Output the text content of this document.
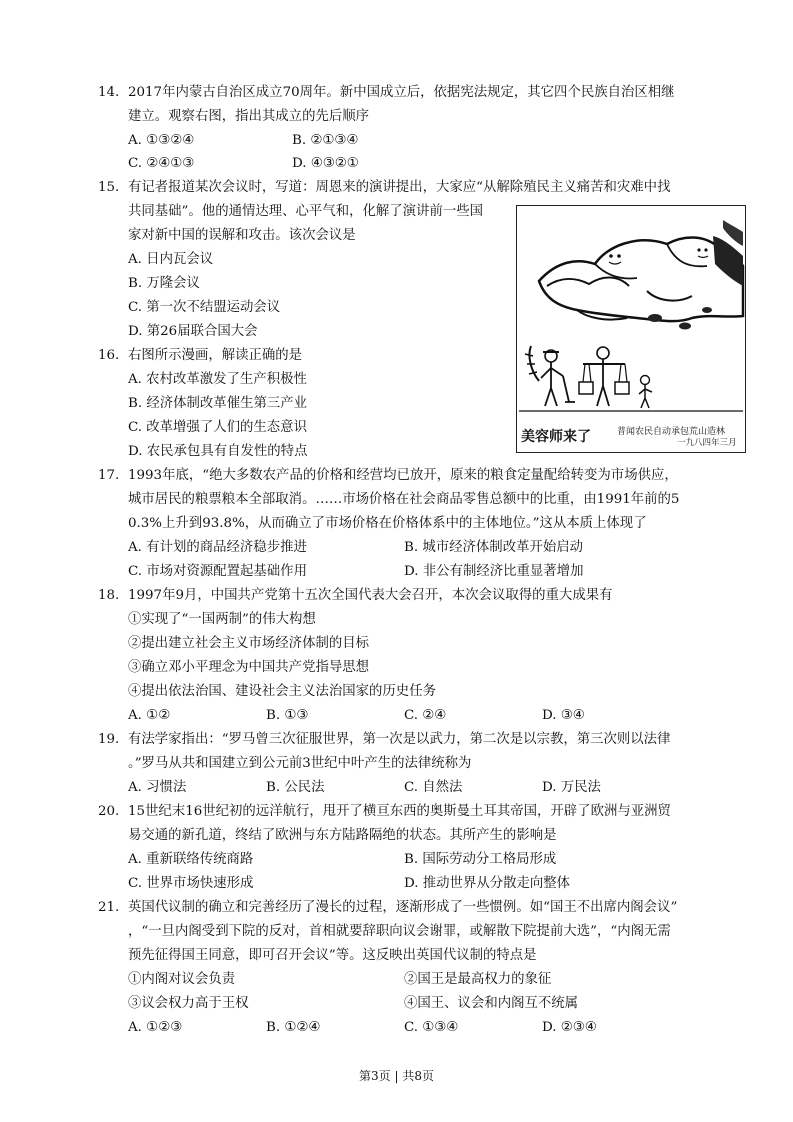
14. 2017年内蒙古自治区成立70周年。新中国成立后，依据宪法规定，其它四个民族自治区相继
建立。观察右图，指出其成立的先后顺序
A. ①③②④	B. ②①③④
C. ②④①③	D. ④③②①
15. 有记者报道某次会议时，写道：周恩来的演讲提出，大家应“从解除殖民主义痛苦和灾难中找
共同基础”。他的通情达理、心平气和，化解了演讲前一些国
家对新中国的误解和攻击。该次会议是
A. 日内瓦会议
B. 万隆会议
C. 第一次不结盟运动会议
D. 第26届联合国大会
16. 右图所示漫画，解读正确的是
A. 农村改革激发了生产积极性
B. 经济体制改革催生第三产业
C. 改革增强了人们的生态意识
D. 农民承包具有自发性的特点
美容师来了	普闻农民自动承包荒山造林
一九八四年三月
17. 1993年底，“绝大多数农产品的价格和经营均已放开，原来的粮食定量配给转变为市场供应，
城市居民的粮票粮本全部取消。……市场价格在社会商品零售总额中的比重，由1991年前的5
0.3%上升到93.8%，从而确立了市场价格在价格体系中的主体地位。”这从本质上体现了
A. 有计划的商品经济稳步推进	B. 城市经济体制改革开始启动
C. 市场对资源配置起基础作用	D. 非公有制经济比重显著增加
18. 1997年9月，中国共产党第十五次全国代表大会召开，本次会议取得的重大成果有
①实现了“一国两制”的伟大构想
②提出建立社会主义市场经济体制的目标
③确立邓小平理念为中国共产党指导思想
④提出依法治国、建设社会主义法治国家的历史任务
A. ①②	B. ①③	C. ②④	D. ③④
19. 有法学家指出：“罗马曾三次征服世界，第一次是以武力，第二次是以宗教，第三次则以法律
。”罗马从共和国建立到公元前3世纪中叶产生的法律统称为
A. 习惯法	B. 公民法	C. 自然法	D. 万民法
20. 15世纪末16世纪初的远洋航行，甩开了横亘东西的奥斯曼土耳其帝国，开辟了欧洲与亚洲贸
易交通的新孔道，终结了欧洲与东方陆路隔绝的状态。其所产生的影响是
A. 重新联络传统商路	B. 国际劳动分工格局形成
C. 世界市场快速形成	D. 推动世界从分散走向整体
21. 英国代议制的确立和完善经历了漫长的过程，逐渐形成了一些惯例。如“国王不出席内阁会议”
，“一旦内阁受到下院的反对，首相就要辞职向议会谢罪，或解散下院提前大选”，“内阁无需
预先征得国王同意，即可召开会议”等。这反映出英国代议制的特点是
①内阁对议会负责	②国王是最高权力的象征
③议会权力高于王权	④国王、议会和内阁互不统属
A. ①②③	B. ①②④	C. ①③④	D. ②③④
第3页 | 共8页
